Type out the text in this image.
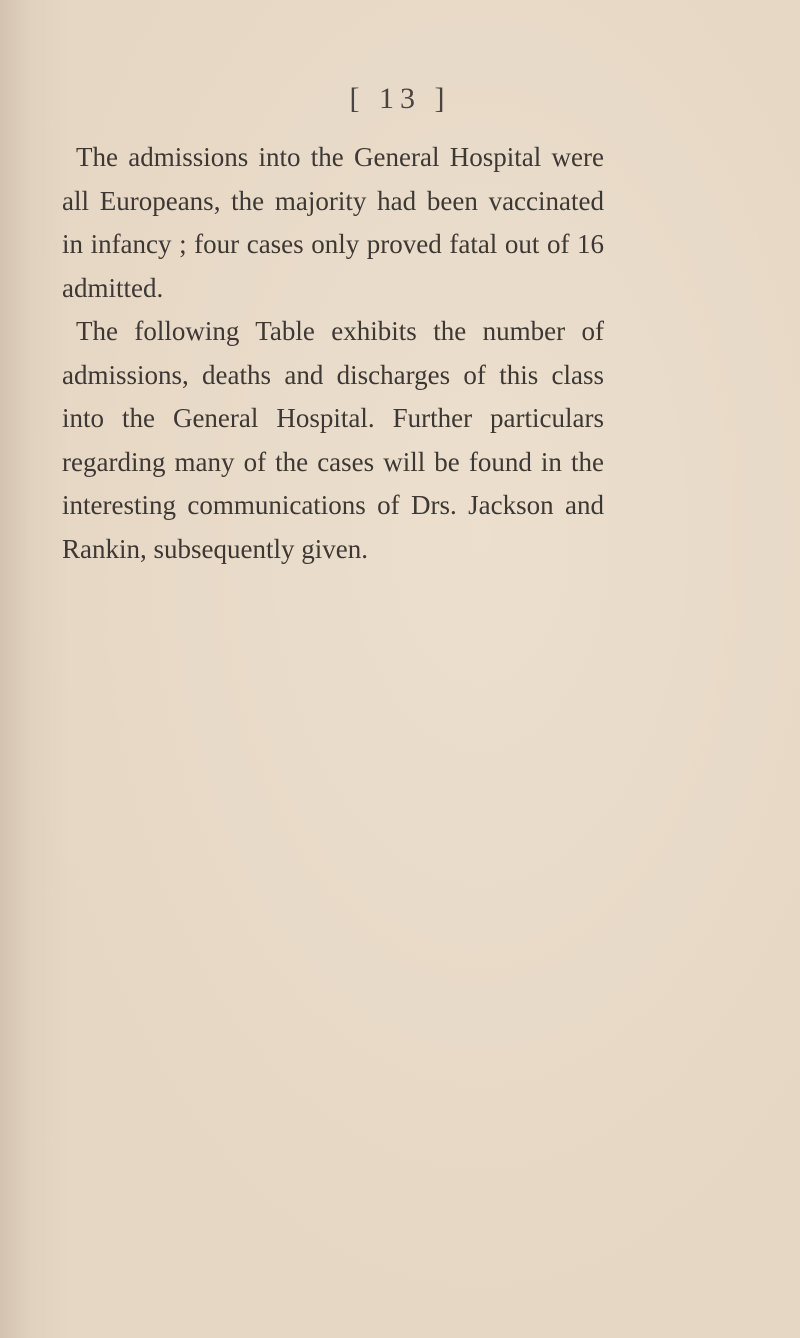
[ 13 ]

The admissions into the General Hospital were all Europeans, the majority had been vaccinated in infancy ; four cases only proved fatal out of 16 admitted.

The following Table exhibits the number of admissions, deaths and discharges of this class into the General Hospital. Further particulars regarding many of the cases will be found in the interesting communications of Drs. Jackson and Rankin, subsequently given.
